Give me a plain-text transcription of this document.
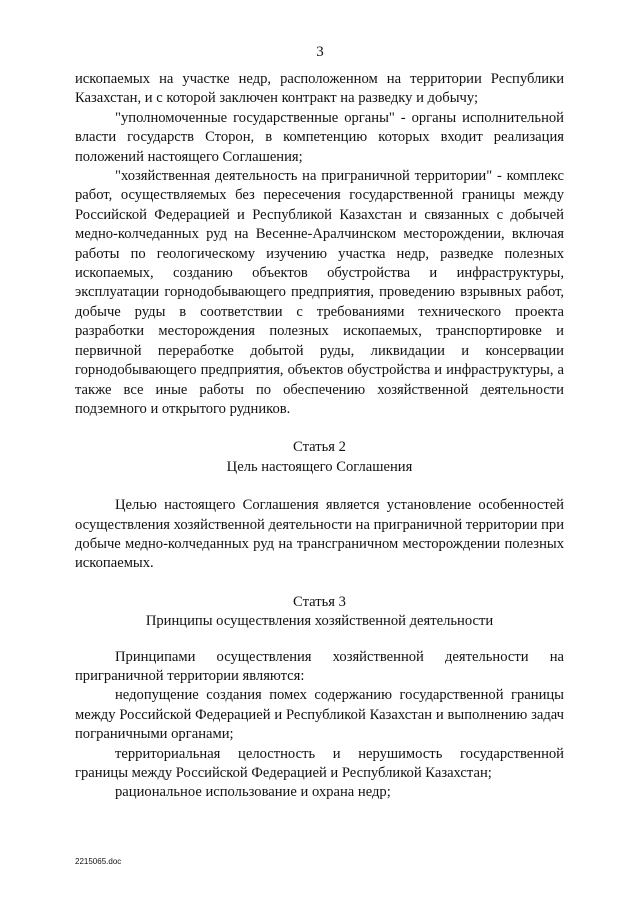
3

ископаемых на участке недр, расположенном на территории Республики Казахстан, и с которой заключен контракт на разведку и добычу;

"уполномоченные государственные органы" - органы исполнительной власти государств Сторон, в компетенцию которых входит реализация положений настоящего Соглашения;

"хозяйственная деятельность на приграничной территории" - комплекс работ, осуществляемых без пересечения государственной границы между Российской Федерацией и Республикой Казахстан и связанных с добычей медно-колчеданных руд на Весенне-Аралчинском месторождении, включая работы по геологическому изучению участка недр, разведке полезных ископаемых, созданию объектов обустройства и инфраструктуры, эксплуатации горнодобывающего предприятия, проведению взрывных работ, добыче руды в соответствии с требованиями технического проекта разработки месторождения полезных ископаемых, транспортировке и первичной переработке добытой руды, ликвидации и консервации горнодобывающего предприятия, объектов обустройства и инфраструктуры, а также все иные работы по обеспечению хозяйственной деятельности подземного и открытого рудников.

Статья 2

Цель настоящего Соглашения

Целью настоящего Соглашения является установление особенностей осуществления хозяйственной деятельности на приграничной территории при добыче медно-колчеданных руд на трансграничном месторождении полезных ископаемых.

Статья 3

Принципы осуществления хозяйственной деятельности

Принципами осуществления хозяйственной деятельности на приграничной территории являются:

недопущение создания помех содержанию государственной границы между Российской Федерацией и Республикой Казахстан и выполнению задач пограничными органами;

территориальная целостность и нерушимость государственной границы между Российской Федерацией и Республикой Казахстан;

рациональное использование и охрана недр;

2215065.doc
